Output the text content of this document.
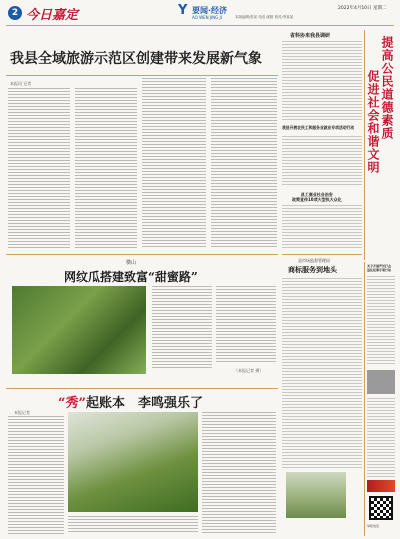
2 今日嘉定	Y 要闻·经济
AO WEN JING JI
2022年4月10日 星期二
本版编辑/张某 电话 邮箱 校对/李某某
我县全域旅游示范区创建带来发展新气象
本报讯 记者
省科协来我县调研
我县开展农民工和服务业就业专项活动行动
县工商业社会治安
政策宣传10项大型执大众化
提高公民道德素质
促进社会和谐文明
横山
网纹瓜搭建致富“甜蜜路”
（本报记者 摄）
“秀”起账本　李鸣强乐了
本报记者
县市场监督管理局
商标服务到地头	关于开展严厉打击
违法犯罪专项行动
举报电话
